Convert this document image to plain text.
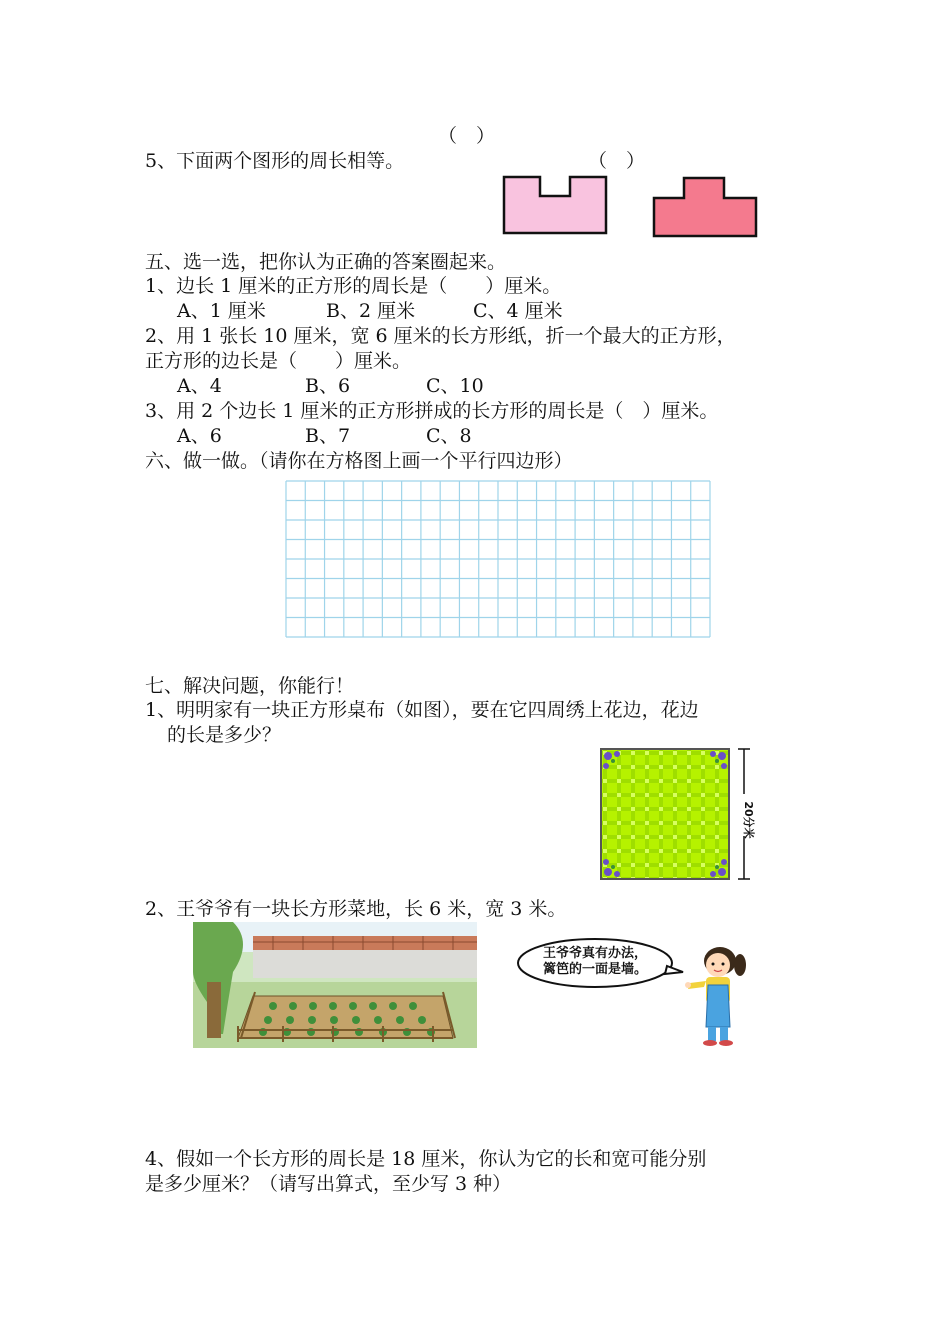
（　）
5、下面两个图形的周长相等。	（　）
五、选一选，把你认为正确的答案圈起来。
1、边长 1 厘米的正方形的周长是（　　）厘米。
A、1 厘米	B、2 厘米	C、4 厘米
2、用 1 张长 10 厘米，宽 6 厘米的长方形纸，折一个最大的正方形，
正方形的边长是（　　）厘米。
A、4	B、6	C、10
3、用 2 个边长 1 厘米的正方形拼成的长方形的周长是（　）厘米。
A、6	B、7	C、8
六、做一做。（请你在方格图上画一个平行四边形）
七、解决问题，你能行！
1、明明家有一块正方形桌布（如图），要在它四周绣上花边，花边
的长是多少？
20分米
2、王爷爷有一块长方形菜地，长 6 米，宽 3 米。
王爷爷真有办法，
篱笆的一面是墙。
4、假如一个长方形的周长是 18 厘米，你认为它的长和宽可能分别
是多少厘米？（请写出算式，至少写 3 种）
